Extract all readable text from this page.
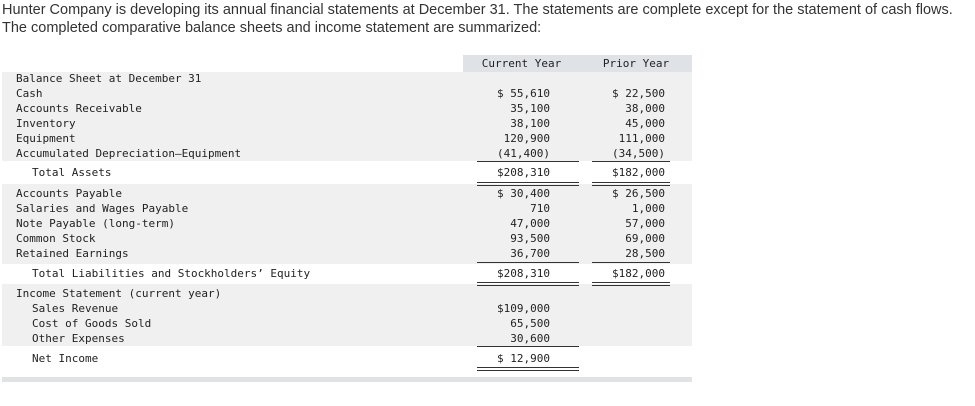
Hunter Company is developing its annual financial statements at December 31. The statements are complete except for the statement of cash flows. The completed comparative balance sheets and income statement are summarized:
Current Year	Prior Year
Balance Sheet at December 31
Cash	$ 55,610	$ 22,500
Accounts Receivable	35,100	38,000
Inventory	38,100	45,000
Equipment	120,900	111,000
Accumulated Depreciation—Equipment	(41,400)	(34,500)
Total Assets	$208,310	$182,000
Accounts Payable	$ 30,400	$ 26,500
Salaries and Wages Payable	710	1,000
Note Payable (long-term)	47,000	57,000
Common Stock	93,500	69,000
Retained Earnings	36,700	28,500
Total Liabilities and Stockholders’ Equity	$208,310	$182,000
Income Statement (current year)
Sales Revenue	$109,000
Cost of Goods Sold	65,500
Other Expenses	30,600
Net Income	$ 12,900
